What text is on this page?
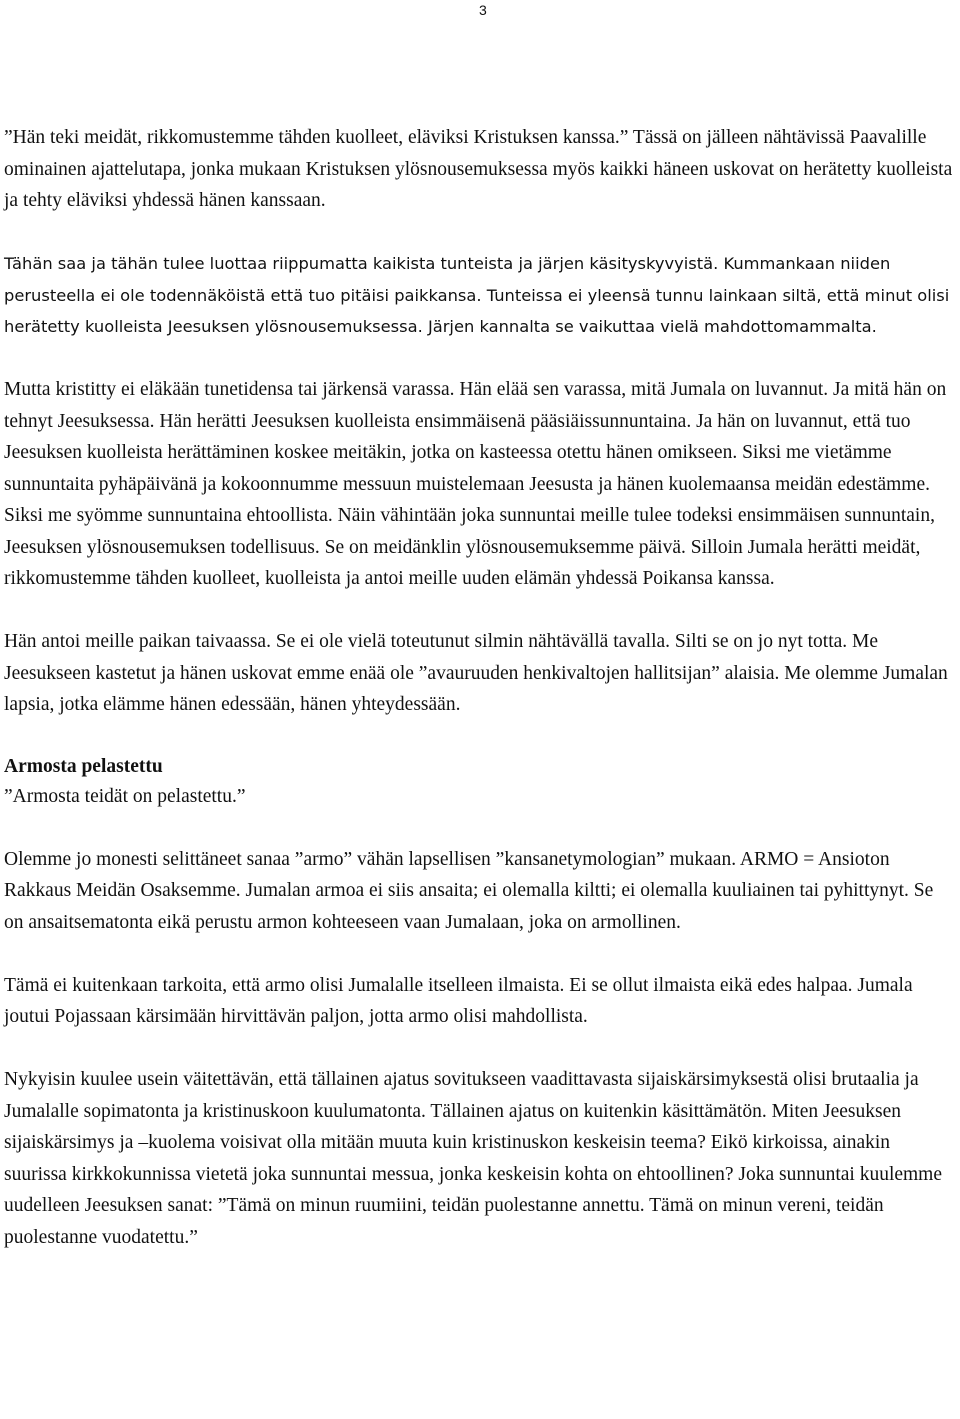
3

”Hän teki meidät, rikkomustemme tähden kuolleet, eläviksi Kristuksen kanssa.” Tässä on jälleen nähtävissä Paavalille ominainen ajattelutapa, jonka mukaan Kristuksen ylösnousemuksessa myös kaikki häneen uskovat on herätetty kuolleista ja tehty eläviksi yhdessä hänen kanssaan.

Tähän saa ja tähän tulee luottaa riippumatta kaikista tunteista ja järjen käsityskyvyistä. Kummankaan niiden perusteella ei ole todennäköistä että tuo pitäisi paikkansa. Tunteissa ei yleensä tunnu lainkaan siltä, että minut olisi herätetty kuolleista Jeesuksen ylösnousemuksessa. Järjen kannalta se vaikuttaa vielä mahdottomammalta.

Mutta kristitty ei eläkään tunetidensa tai järkensä varassa. Hän elää sen varassa, mitä Jumala on luvannut. Ja mitä hän on tehnyt Jeesuksessa. Hän herätti Jeesuksen kuolleista ensimmäisenä pääsiäissunnuntaina. Ja hän on luvannut, että tuo Jeesuksen kuolleista herättäminen koskee meitäkin, jotka on kasteessa otettu hänen omikseen. Siksi me vietämme sunnuntaita pyhäpäivänä ja kokoonnumme messuun muistelemaan Jeesusta ja hänen kuolemaansa meidän edestämme. Siksi me syömme sunnuntaina ehtoollista. Näin vähintään joka sunnuntai meille tulee todeksi ensimmäisen sunnuntain, Jeesuksen ylösnousemuksen todellisuus. Se on meidänklin ylösnousemuksemme päivä. Silloin Jumala herätti meidät, rikkomustemme tähden kuolleet, kuolleista ja antoi meille uuden elämän yhdessä Poikansa kanssa.

Hän antoi meille paikan taivaassa. Se ei ole vielä toteutunut silmin nähtävällä tavalla. Silti se on jo nyt totta. Me Jeesukseen kastetut ja hänen uskovat emme enää ole ”avauruuden henkivaltojen hallitsijan” alaisia. Me olemme Jumalan lapsia, jotka elämme hänen edessään, hänen yhteydessään.

Armosta pelastettu

”Armosta teidät on pelastettu.”

Olemme jo monesti selittäneet sanaa ”armo” vähän lapsellisen ”kansanetymologian” mukaan. ARMO = Ansioton Rakkaus Meidän Osaksemme. Jumalan armoa ei siis ansaita; ei olemalla kiltti; ei olemalla kuuliainen tai pyhittynyt. Se on ansaitsematonta eikä perustu armon kohteeseen vaan Jumalaan, joka on armollinen.

Tämä ei kuitenkaan tarkoita, että armo olisi Jumalalle itselleen ilmaista. Ei se ollut ilmaista eikä edes halpaa. Jumala joutui Pojassaan kärsimään hirvittävän paljon, jotta armo olisi mahdollista.

Nykyisin kuulee usein väitettävän, että tällainen ajatus sovitukseen vaadittavasta sijaiskärsimyksestä olisi brutaalia ja Jumalalle sopimatonta ja kristinuskoon kuulumatonta. Tällainen ajatus on kuitenkin käsittämätön. Miten Jeesuksen sijaiskärsimys ja –kuolema voisivat olla mitään muuta kuin kristinuskon keskeisin teema? Eikö kirkoissa, ainakin suurissa kirkkokunnissa vietetä joka sunnuntai messua, jonka keskeisin kohta on ehtoollinen? Joka sunnuntai kuulemme uudelleen Jeesuksen sanat: ”Tämä on minun ruumiini, teidän puolestanne annettu. Tämä on minun vereni, teidän puolestanne vuodatettu.”
